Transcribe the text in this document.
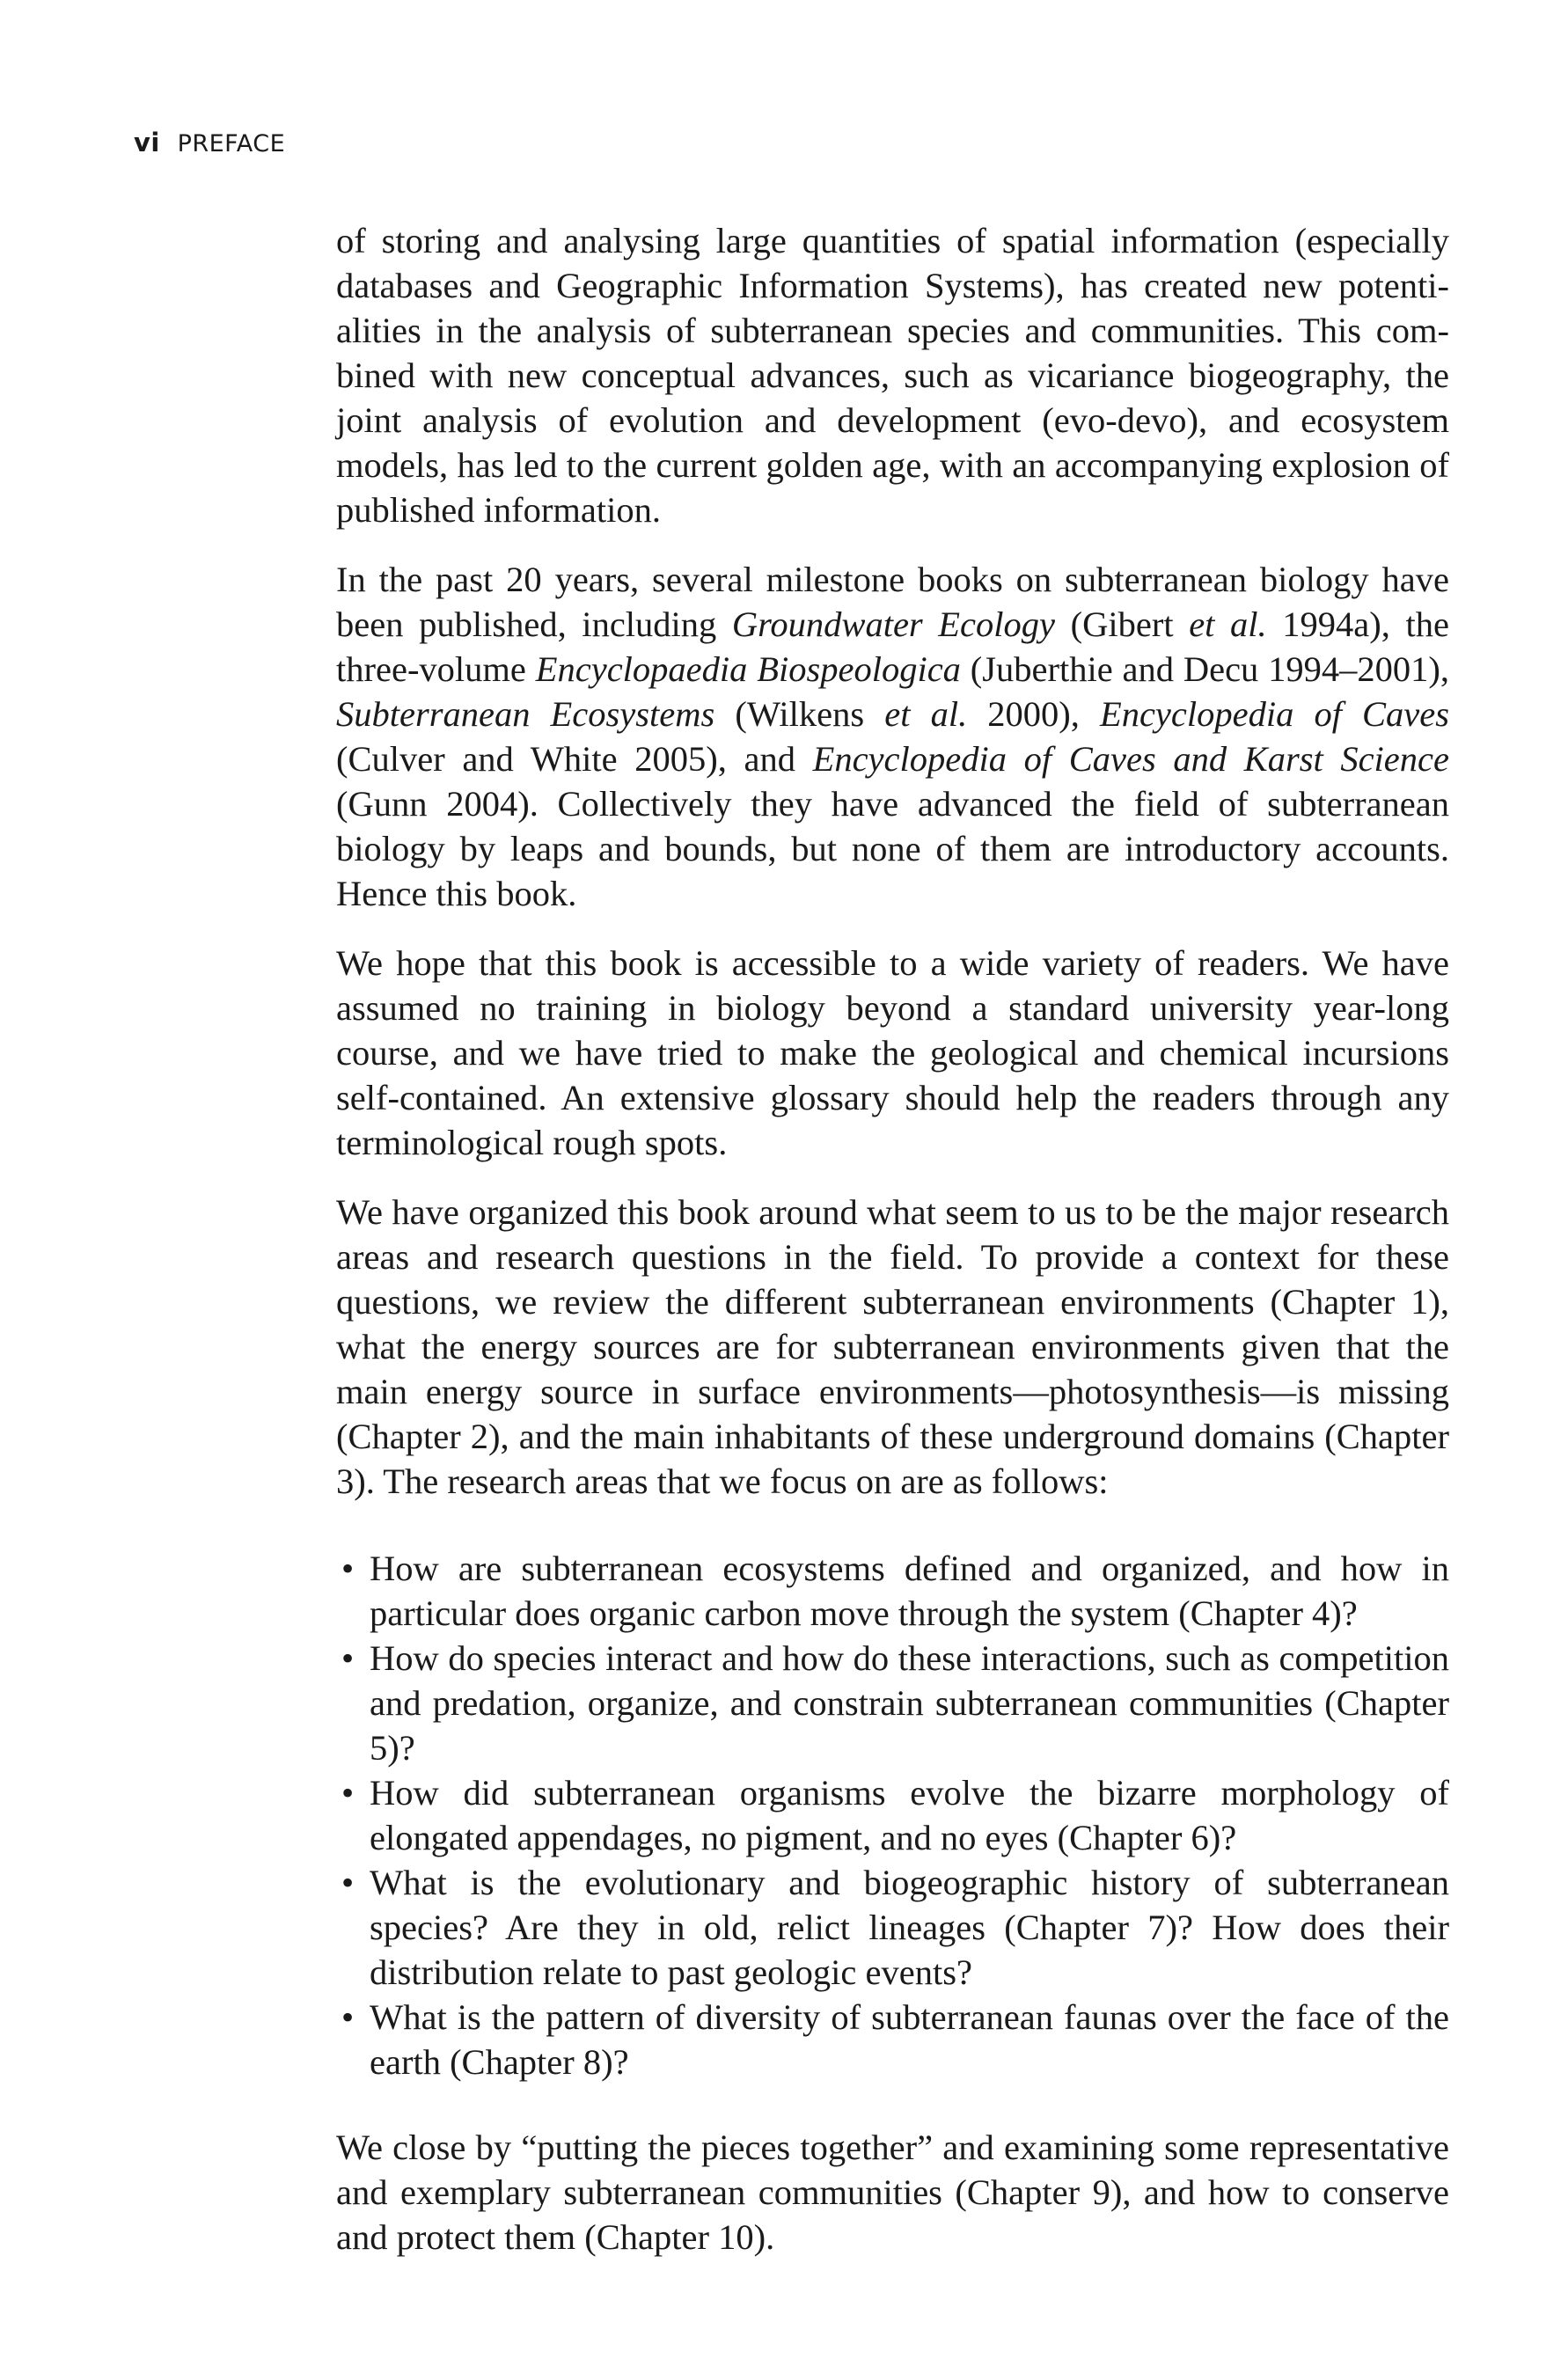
vi PREFACE

of storing and analysing large quantities of spatial information (especially databases and Geographic Information Systems), has created new potentialities in the analysis of subterranean species and communities. This combined with new conceptual advances, such as vicariance biogeography, the joint analysis of evolution and development (evo-devo), and ecosystem models, has led to the current golden age, with an accompanying explosion of published information.

In the past 20 years, several milestone books on subterranean biology have been published, including Groundwater Ecology (Gibert et al. 1994a), the three-volume Encyclopaedia Biospeologica (Juberthie and Decu 1994–2001), Subterranean Ecosystems (Wilkens et al. 2000), Encyclopedia of Caves (Culver and White 2005), and Encyclopedia of Caves and Karst Science (Gunn 2004). Collectively they have advanced the field of subterranean biology by leaps and bounds, but none of them are introductory accounts. Hence this book.

We hope that this book is accessible to a wide variety of readers. We have assumed no training in biology beyond a standard university year-long course, and we have tried to make the geological and chemical incursions self-contained. An extensive glossary should help the readers through any terminological rough spots.

We have organized this book around what seem to us to be the major research areas and research questions in the field. To provide a context for these questions, we review the different subterranean environments (Chapter 1), what the energy sources are for subterranean environments given that the main energy source in surface environments—photosynthesis—is missing (Chapter 2), and the main inhabitants of these underground domains (Chapter 3). The research areas that we focus on are as follows:

• How are subterranean ecosystems defined and organized, and how in particular does organic carbon move through the system (Chapter 4)?
• How do species interact and how do these interactions, such as competition and predation, organize, and constrain subterranean communities (Chapter 5)?
• How did subterranean organisms evolve the bizarre morphology of elongated appendages, no pigment, and no eyes (Chapter 6)?
• What is the evolutionary and biogeographic history of subterranean species? Are they in old, relict lineages (Chapter 7)? How does their distribution relate to past geologic events?
• What is the pattern of diversity of subterranean faunas over the face of the earth (Chapter 8)?

We close by “putting the pieces together” and examining some representative and exemplary subterranean communities (Chapter 9), and how to conserve and protect them (Chapter 10).
